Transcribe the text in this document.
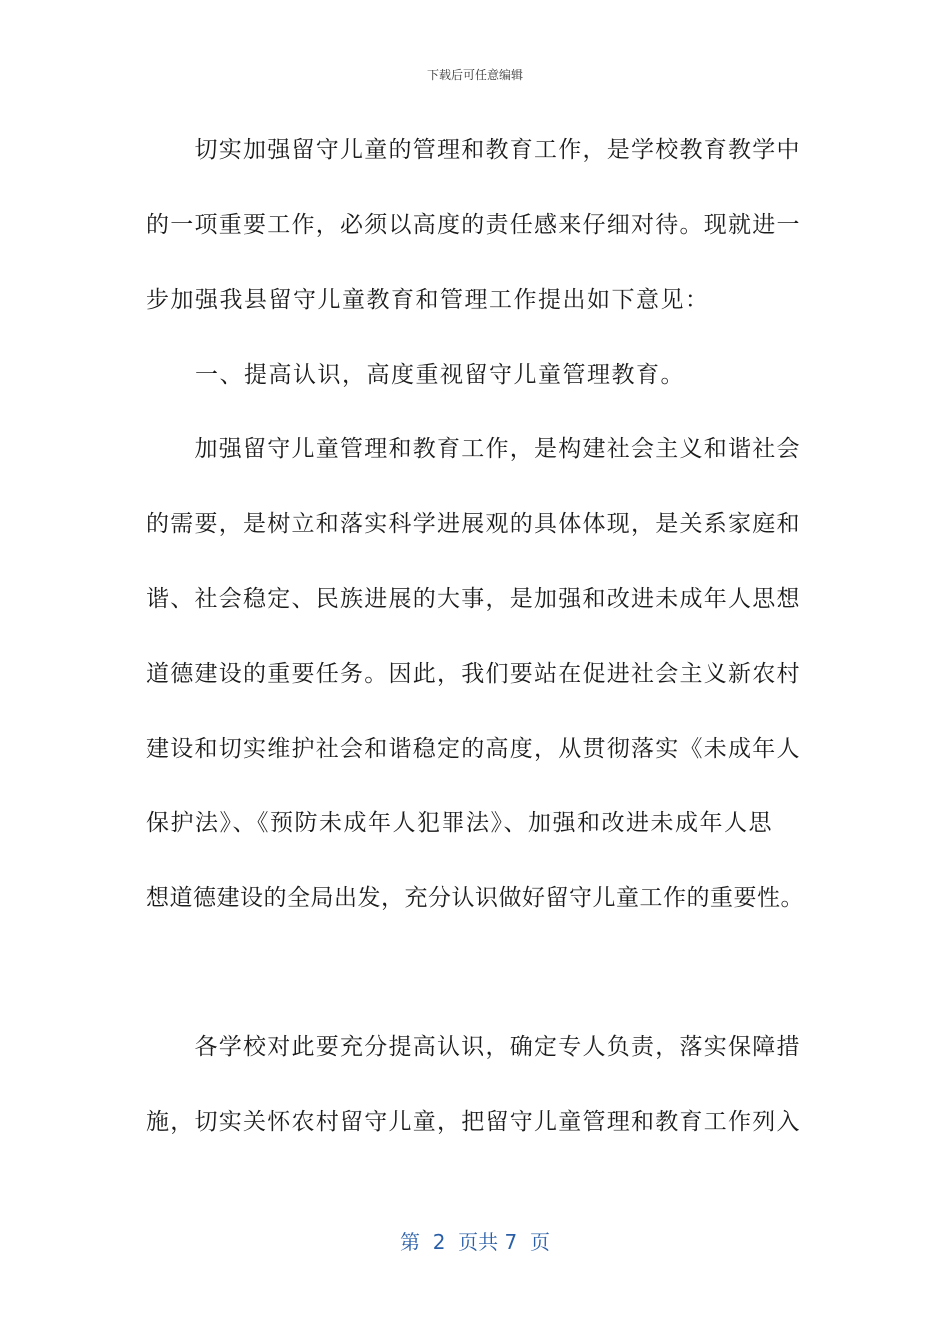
下载后可任意编辑
　　切实加强留守儿童的管理和教育工作，是学校教育教学中
的一项重要工作，必须以高度的责任感来仔细对待。现就进一
步加强我县留守儿童教育和管理工作提出如下意见：
　　一、提高认识，高度重视留守儿童管理教育。
　　加强留守儿童管理和教育工作，是构建社会主义和谐社会
的需要，是树立和落实科学进展观的具体体现，是关系家庭和
谐、社会稳定、民族进展的大事，是加强和改进未成年人思想
道德建设的重要任务。因此，我们要站在促进社会主义新农村
建设和切实维护社会和谐稳定的高度，从贯彻落实《未成年人
保护法》、《预防未成年人犯罪法》、加强和改进未成年人思
想道德建设的全局出发，充分认识做好留守儿童工作的重要性。
　　各学校对此要充分提高认识，确定专人负责，落实保障措
施，切实关怀农村留守儿童，把留守儿童管理和教育工作列入
第  2  页共 7  页
